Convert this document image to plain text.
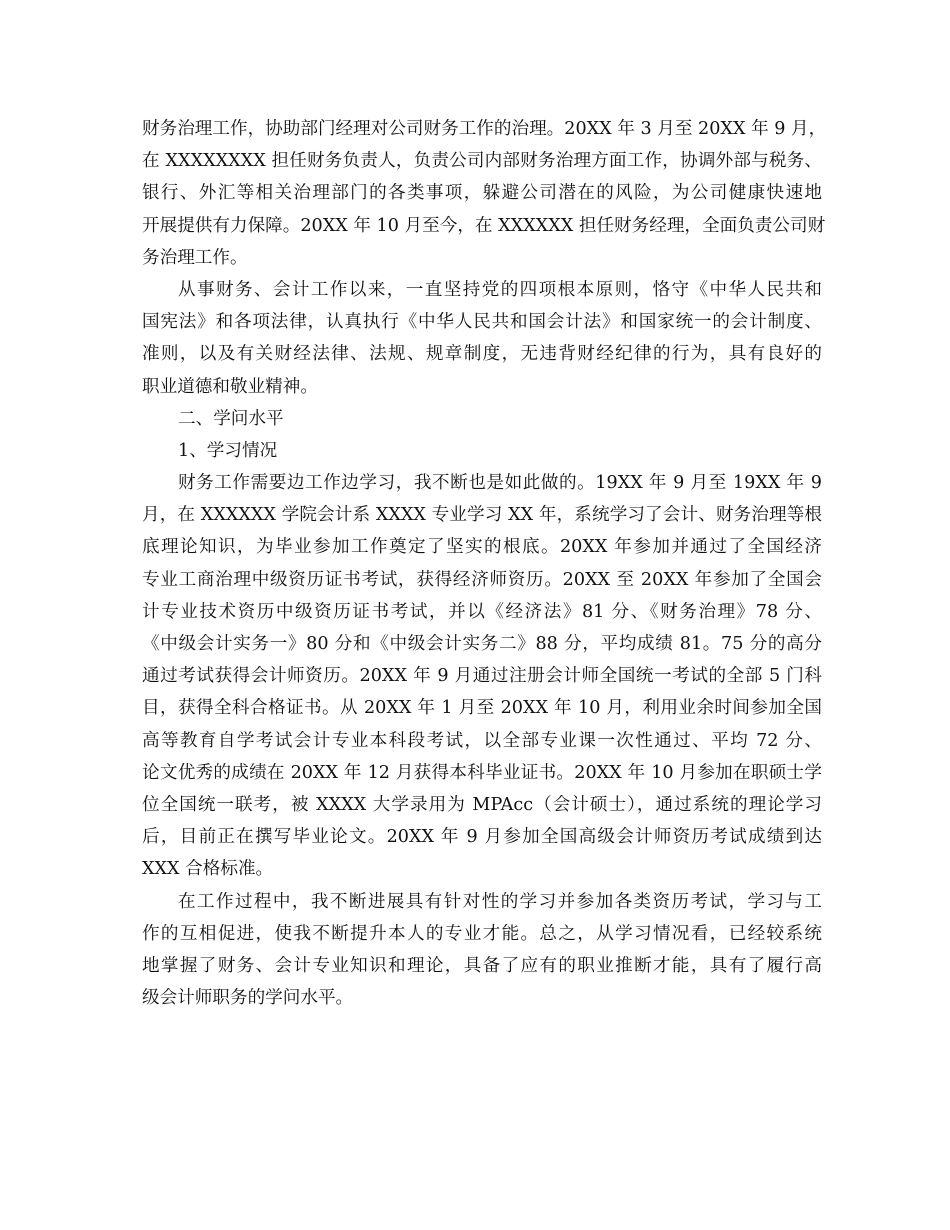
财务治理工作，协助部门经理对公司财务工作的治理。20XX 年 3 月至 20XX 年 9 月，
在 XXXXXXXX 担任财务负责人，负责公司内部财务治理方面工作，协调外部与税务、
银行、外汇等相关治理部门的各类事项，躲避公司潜在的风险，为公司健康快速地
开展提供有力保障。20XX 年 10 月至今，在 XXXXXX 担任财务经理，全面负责公司财
务治理工作。
从事财务、会计工作以来，一直坚持党的四项根本原则，恪守《中华人民共和
国宪法》和各项法律，认真执行《中华人民共和国会计法》和国家统一的会计制度、
准则，以及有关财经法律、法规、规章制度，无违背财经纪律的行为，具有良好的
职业道德和敬业精神。
二、学问水平
1、学习情况
财务工作需要边工作边学习，我不断也是如此做的。19XX 年 9 月至 19XX 年 9
月，在 XXXXXX 学院会计系 XXXX 专业学习 XX 年，系统学习了会计、财务治理等根
底理论知识，为毕业参加工作奠定了坚实的根底。20XX 年参加并通过了全国经济
专业工商治理中级资历证书考试，获得经济师资历。20XX 至 20XX 年参加了全国会
计专业技术资历中级资历证书考试，并以《经济法》81 分、《财务治理》78 分、
《中级会计实务一》80 分和《中级会计实务二》88 分，平均成绩 81。75 分的高分
通过考试获得会计师资历。20XX 年 9 月通过注册会计师全国统一考试的全部 5 门科
目，获得全科合格证书。从 20XX 年 1 月至 20XX 年 10 月，利用业余时间参加全国
高等教育自学考试会计专业本科段考试，以全部专业课一次性通过、平均 72 分、
论文优秀的成绩在 20XX 年 12 月获得本科毕业证书。20XX 年 10 月参加在职硕士学
位全国统一联考，被 XXXX 大学录用为 MPAcc（会计硕士），通过系统的理论学习
后，目前正在撰写毕业论文。20XX 年 9 月参加全国高级会计师资历考试成绩到达
XXX 合格标准。
在工作过程中，我不断进展具有针对性的学习并参加各类资历考试，学习与工
作的互相促进，使我不断提升本人的专业才能。总之，从学习情况看，已经较系统
地掌握了财务、会计专业知识和理论，具备了应有的职业推断才能，具有了履行高
级会计师职务的学问水平。
